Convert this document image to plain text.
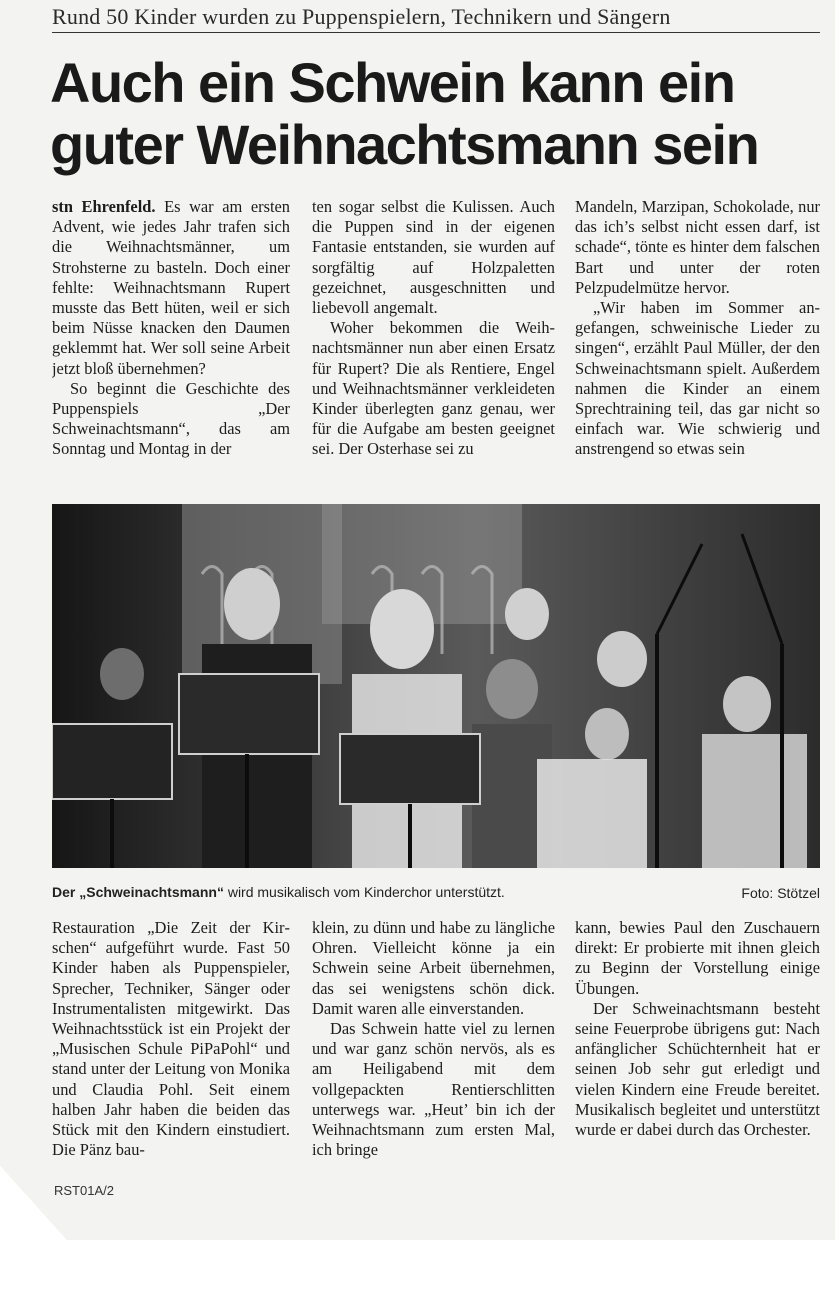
Rund 50 Kinder wurden zu Puppenspielern, Technikern und Sängern
Auch ein Schwein kann ein
guter Weihnachtsmann sein

stn Ehrenfeld. Es war am ersten Advent, wie jedes Jahr trafen sich die Weihnachtsmänner, um Strohsterne zu basteln. Doch einer fehlte: Weihnachtsmann Rupert musste das Bett hüten, weil er sich beim Nüsse knacken den Daumen geklemmt hat. Wer soll seine Arbeit jetzt bloß übernehmen?

So beginnt die Geschichte des Puppenspiels „Der Schweinachtsmann“, das am Sonntag und Montag in der

ten sogar selbst die Kulissen. Auch die Puppen sind in der eigenen Fantasie entstanden, sie wurden auf sorgfältig auf Holzpaletten gezeichnet, ausgeschnitten und liebevoll angemalt.

Woher bekommen die Weihnachtsmänner nun aber einen Ersatz für Rupert? Die als Rentiere, Engel und Weihnachtsmänner verkleideten Kinder überlegten ganz genau, wer für die Aufgabe am besten geeignet sei. Der Osterhase sei zu

Mandeln, Marzipan, Schokolade, nur das ich’s selbst nicht essen darf, ist schade“, tönte es hinter dem falschen Bart und unter der roten Pelzpudelmütze hervor.

„Wir haben im Sommer angefangen, schweinische Lieder zu singen“, erzählt Paul Müller, der den Schweinachtsmann spielt. Außerdem nahmen die Kinder an einem Sprechtraining teil, das gar nicht so einfach war. Wie schwierig und anstrengend so etwas sein

Der „Schweinachtsmann“ wird musikalisch vom Kinderchor unterstützt.	Foto: Stötzel

Restauration „Die Zeit der Kirschen“ aufgeführt wurde. Fast 50 Kinder haben als Puppenspieler, Sprecher, Techniker, Sänger oder Instrumentalisten mitgewirkt. Das Weihnachtsstück ist ein Projekt der „Musischen Schule PiPaPohl“ und stand unter der Leitung von Monika und Claudia Pohl. Seit einem halben Jahr haben die beiden das Stück mit den Kindern einstudiert. Die Pänz bau-

klein, zu dünn und habe zu längliche Ohren. Vielleicht könne ja ein Schwein seine Arbeit übernehmen, das sei wenigstens schön dick. Damit waren alle einverstanden.

Das Schwein hatte viel zu lernen und war ganz schön nervös, als es am Heiligabend mit dem vollgepackten Rentierschlitten unterwegs war. „Heut’ bin ich der Weihnachtsmann zum ersten Mal, ich bringe

kann, bewies Paul den Zuschauern direkt: Er probierte mit ihnen gleich zu Beginn der Vorstellung einige Übungen.

Der Schweinachtsmann besteht seine Feuerprobe übrigens gut: Nach anfänglicher Schüchternheit hat er seinen Job sehr gut erledigt und vielen Kindern eine Freude bereitet. Musikalisch begleitet und unterstützt wurde er dabei durch das Orchester.

RST01A/2
